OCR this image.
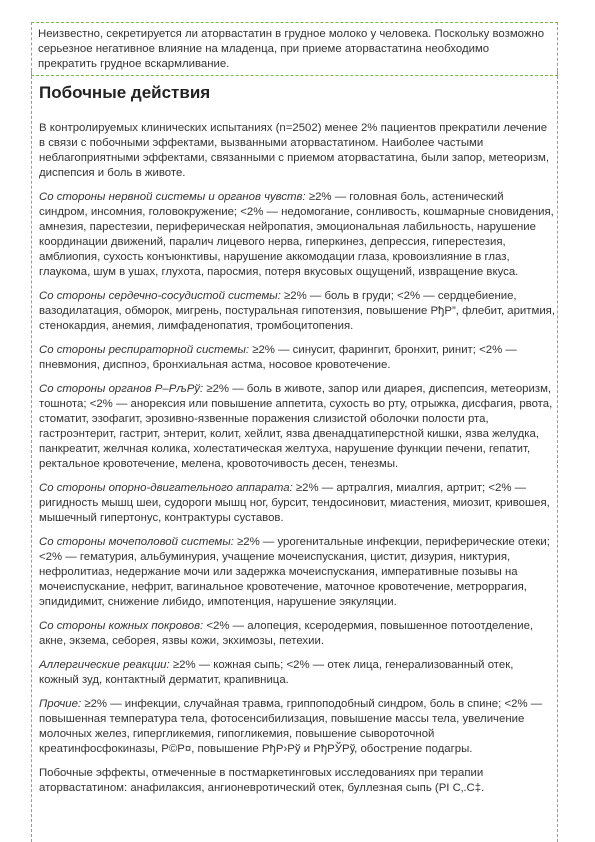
Неизвестно, секретируется ли аторвастатин в грудное молоко у человека. Поскольку возможно серьезное негативное влияние на младенца, при приеме аторвастатина необходимо прекратить грудное вскармливание.

Побочные действия

В контролируемых клинических испытаниях (n=2502) менее 2% пациентов прекратили лечение в связи с побочными эффектами, вызванными аторвастатином. Наиболее частыми неблагоприятными эффектами, связанными с приемом аторвастатина, были запор, метеоризм, диспепсия и боль в животе.

Со стороны нервной системы и органов чувств: ≥2% — головная боль, астенический синдром, инсомния, головокружение; <2% — недомогание, сонливость, кошмарные сновидения, амнезия, парестезии, периферическая нейропатия, эмоциональная лабильность, нарушение координации движений, паралич лицевого нерва, гиперкинез, депрессия, гиперестезия, амблиопия, сухость конъюнктивы, нарушение аккомодации глаза, кровоизлияние в глаз, глаукома, шум в ушах, глухота, паросмия, потеря вкусовых ощущений, извращение вкуса.

Со стороны сердечно-сосудистой системы: ≥2% — боль в груди; <2% — сердцебиение, вазодилатация, обморок, мигрень, постуральная гипотензия, повышение РђР”, флебит, аритмия, стенокардия, анемия, лимфаденопатия, тромбоцитопения.

Со стороны респираторной системы: ≥2% — синусит, фарингит, бронхит, ринит; <2% — пневмония, диспноэ, бронхиальная астма, носовое кровотечение.

Со стороны органов Р–РљРў: ≥2% — боль в животе, запор или диарея, диспепсия, метеоризм, тошнота; <2% — анорексия или повышение аппетита, сухость во рту, отрыжка, дисфагия, рвота, стоматит, эзофагит, эрозивно-язвенные поражения слизистой оболочки полости рта, гастроэнтерит, гастрит, энтерит, колит, хейлит, язва двенадцатиперстной кишки, язва желудка, панкреатит, желчная колика, холестатическая желтуха, нарушение функции печени, гепатит, ректальное кровотечение, мелена, кровоточивость десен, тенезмы.

Со стороны опорно-двигательного аппарата: ≥2% — артралгия, миалгия, артрит; <2% — ригидность мышц шеи, судороги мышц ног, бурсит, тендосиновит, миастения, миозит, кривошея, мышечный гипертонус, контрактуры суставов.

Со стороны мочеполовой системы: ≥2% — урогенитальные инфекции, периферические отеки; <2% — гематурия, альбуминурия, учащение мочеиспускания, цистит, дизурия, никтурия, нефролитиаз, недержание мочи или задержка мочеиспускания, императивные позывы на мочеиспускание, нефрит, вагинальное кровотечение, маточное кровотечение, метроррагия, эпидидимит, снижение либидо, импотенция, нарушение эякуляции.

Со стороны кожных покровов: <2% — алопеция, ксеродермия, повышенное потоотделение, акне, экзема, себорея, язвы кожи, экхимозы, петехии.

Аллергические реакции: ≥2% — кожная сыпь; <2% — отек лица, генерализованный отек, кожный зуд, контактный дерматит, крапивница.

Прочие: ≥2% — инфекции, случайная травма, гриппоподобный синдром, боль в спине; <2% — повышенная температура тела, фотосенсибилизация, повышение массы тела, увеличение молочных желез, гипергликемия, гипогликемия, повышение сывороточной креатинфосфокиназы, Р©Р¤, повышение РђР›Рў и РђРЎРў, обострение подагры.

Побочные эффекты, отмеченные в постмаркетинговых исследованиях при терапии аторвастатином: анафилаксия, ангионевротический отек, буллезная сыпь (РІ С‚.С‡.
